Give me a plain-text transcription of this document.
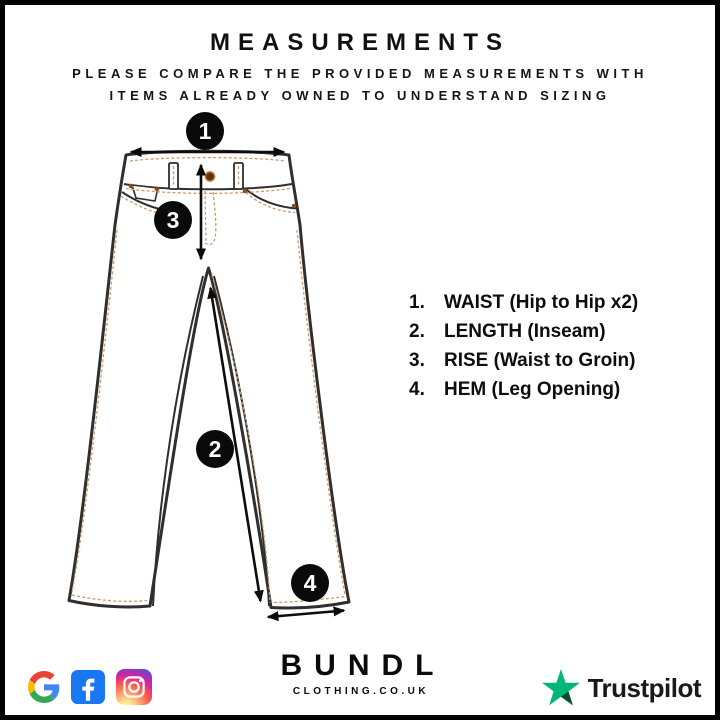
MEASUREMENTS
PLEASE COMPARE THE PROVIDED MEASUREMENTS WITH
ITEMS ALREADY OWNED TO UNDERSTAND SIZING
1
2
3
4
1.	WAIST (Hip to Hip x2)
2.	LENGTH (Inseam)
3.	RISE (Waist to Groin)
4.	HEM (Leg Opening)
BUNDL
CLOTHING.CO.UK	Trustpilot
